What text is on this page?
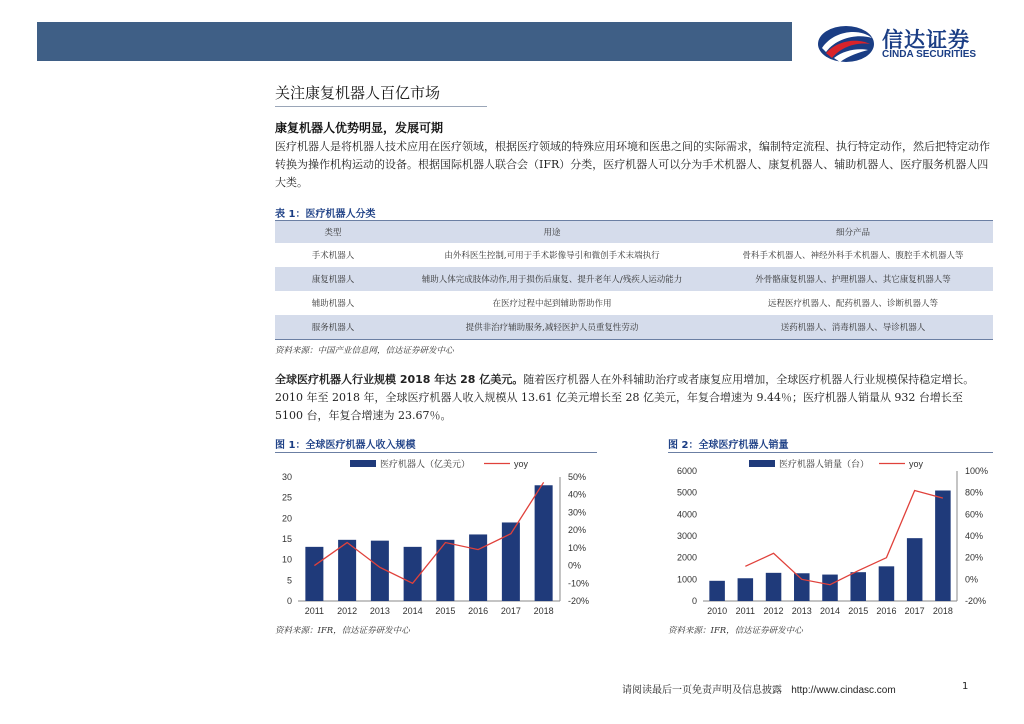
信达证券
CINDA SECURITIES
关注康复机器人百亿市场
康复机器人优势明显，发展可期
医疗机器人是将机器人技术应用在医疗领域，根据医疗领域的特殊应用环境和医患之间的实际需求，编制特定流程、执行特定动作，然后把特定动作转换为操作机构运动的设备。根据国际机器人联合会（IFR）分类，医疗机器人可以分为手术机器人、康复机器人、辅助机器人、医疗服务机器人四大类。
表 1：医疗机器人分类
类型	用途	细分产品
手术机器人	由外科医生控制,可用于手术影像导引和微创手术末端执行	骨科手术机器人、神经外科手术机器人、腹腔手术机器人等
康复机器人	辅助人体完成肢体动作,用于损伤后康复、提升老年人/残疾人运动能力	外骨骼康复机器人、护理机器人、其它康复机器人等
辅助机器人	在医疗过程中起到辅助帮助作用	远程医疗机器人、配药机器人、诊断机器人等
服务机器人	提供非治疗辅助服务,减轻医护人员重复性劳动	送药机器人、消毒机器人、导诊机器人
资料来源：中国产业信息网，信达证券研发中心
全球医疗机器人行业规模 2018 年达 28 亿美元。随着医疗机器人在外科辅助治疗或者康复应用增加，全球医疗机器人行业规模保持稳定增长。2010 年至 2018 年，全球医疗机器人收入规模从 13.61 亿美元增长至 28 亿美元，年复合增速为 9.44％；医疗机器人销量从 932 台增长至 5100 台，年复合增速为 23.67％。
图 1：全球医疗机器人收入规模
0
5
10
15
20
25
30
-20%
-10%
0%
10%
20%
30%
40%
50%
2011 2012 2013 2014 2015 2016 2017 2018
医疗机器人（亿美元）	yoy
资料来源：IFR，信达证券研发中心
图 2：全球医疗机器人销量
0
1000
2000
3000
4000
5000
6000
-20%
0%
20%
40%
60%
80%
100%
2010 2011 2012 2013 2014 2015 2016 2017 2018
医疗机器人销量（台）	yoy
资料来源：IFR，信达证券研发中心
请阅读最后一页免责声明及信息披露 http://www.cindasc.com	1
